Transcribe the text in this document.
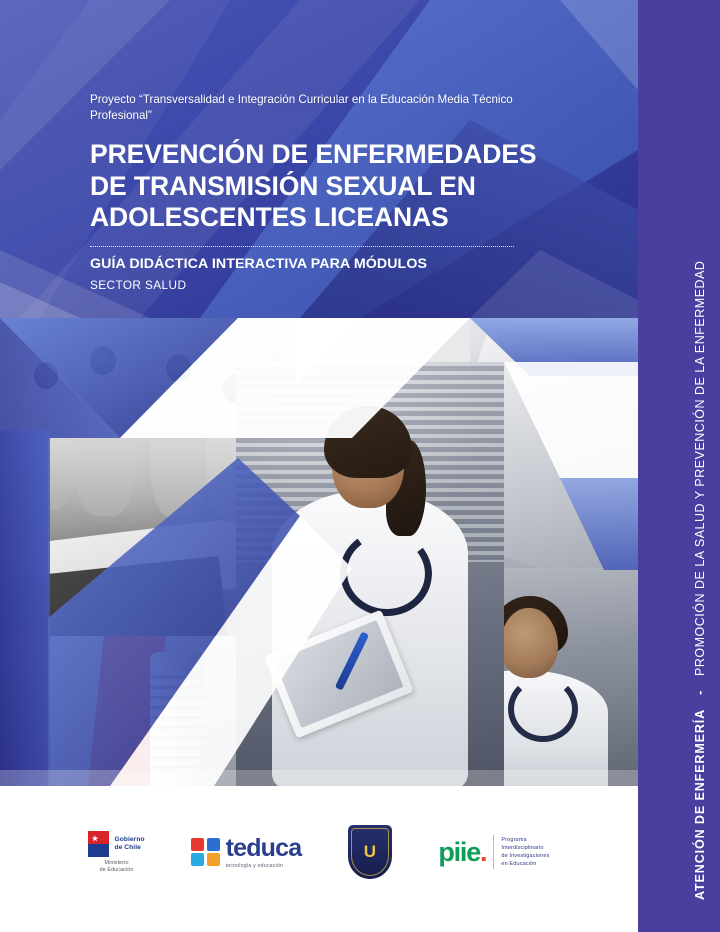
Proyecto “Transversalidad e Integración Curricular en la Educación Media Técnico Profesional”
PREVENCIÓN DE ENFERMEDADES DE TRANSMISIÓN SEXUAL EN ADOLESCENTES LICEANAS
GUÍA DIDÁCTICA INTERACTIVA PARA MÓDULOS
SECTOR SALUD
Gobierno
de Chile
Ministerio
de Educación
teduca
tecnología y educación
U piie.	Programa
Interdisciplinario
de Investigaciones
en Educación	ATENCIÓN DE ENFERMERÍA - PROMOCIÓN DE LA SALUD Y PREVENCIÓN DE LA ENFERMEDAD
